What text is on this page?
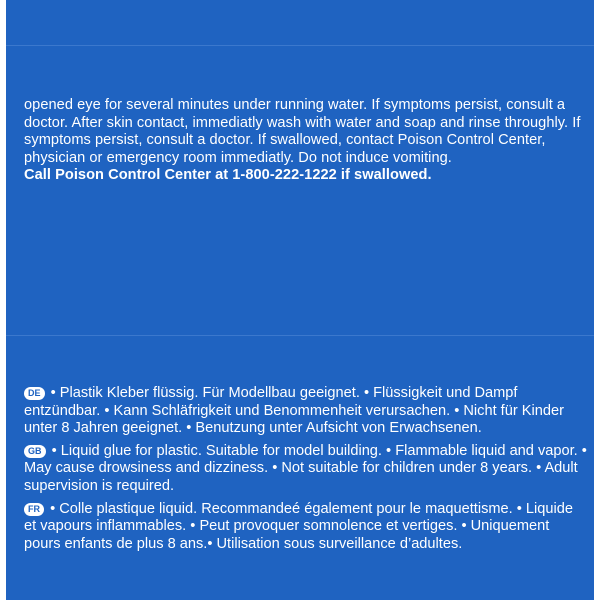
opened eye for several minutes under running water. If symptoms persist, consult a doctor. After skin contact, immediatly wash with water and soap and rinse throughly. If symptoms persist, consult a doctor. If swallowed, contact Poison Control Center, physician or emergency room immediatly. Do not induce vomiting.
Call Poison Control Center at 1-800-222-1222 if swallowed.
DE • Plastik Kleber flüssig. Für Modellbau geeignet. • Flüssigkeit und Dampf entzündbar. • Kann Schläfrigkeit und Benommenheit verursachen. • Nicht für Kinder unter 8 Jahren geeignet. • Benutzung unter Aufsicht von Erwachsenen.
GB • Liquid glue for plastic. Suitable for model building. • Flammable liquid and vapor. • May cause drowsiness and dizziness. • Not suitable for children under 8 years. • Adult supervision is required.
FR • Colle plastique liquid. Recommandeé également pour le maquettisme. • Liquide et vapours inflammables. • Peut provoquer somnolence et vertiges. • Uniquement pours enfants de plus 8 ans.• Utilisation sous surveillance d’adultes.
